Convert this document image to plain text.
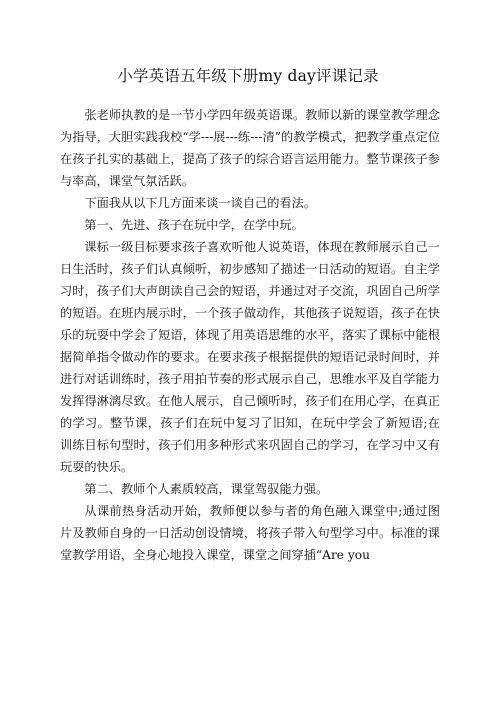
小学英语五年级下册my day评课记录

张老师执教的是一节小学四年级英语课。教师以新的课堂教学理念为指导，大胆实践我校“学---展---练---清”的教学模式，把教学重点定位在孩子扎实的基础上，提高了孩子的综合语言运用能力。整节课孩子参与率高，课堂气氛活跃。

下面我从以下几方面来谈一谈自己的看法。

第一、先进、孩子在玩中学，在学中玩。

课标一级目标要求孩子喜欢听他人说英语，体现在教师展示自己一日生活时，孩子们认真倾听，初步感知了描述一日活动的短语。自主学习时，孩子们大声朗读自己会的短语，并通过对子交流，巩固自己所学的短语。在班内展示时，一个孩子做动作，其他孩子说短语，孩子在快乐的玩耍中学会了短语，体现了用英语思维的水平，落实了课标中能根据简单指令做动作的要求。在要求孩子根据提供的短语记录时间时，并进行对话训练时，孩子用拍节奏的形式展示自己，思维水平及自学能力发挥得淋漓尽致。在他人展示，自己倾听时，孩子们在用心学，在真正的学习。整节课，孩子们在玩中复习了旧知，在玩中学会了新短语;在训练目标句型时，孩子们用多种形式来巩固自己的学习，在学习中又有玩耍的快乐。

第二、教师个人素质较高，课堂驾驭能力强。

从课前热身活动开始，教师便以参与者的角色融入课堂中;通过图片及教师自身的一日活动创设情境，将孩子带入句型学习中。标准的课堂教学用语，全身心地投入课堂，课堂之间穿插“Are you
